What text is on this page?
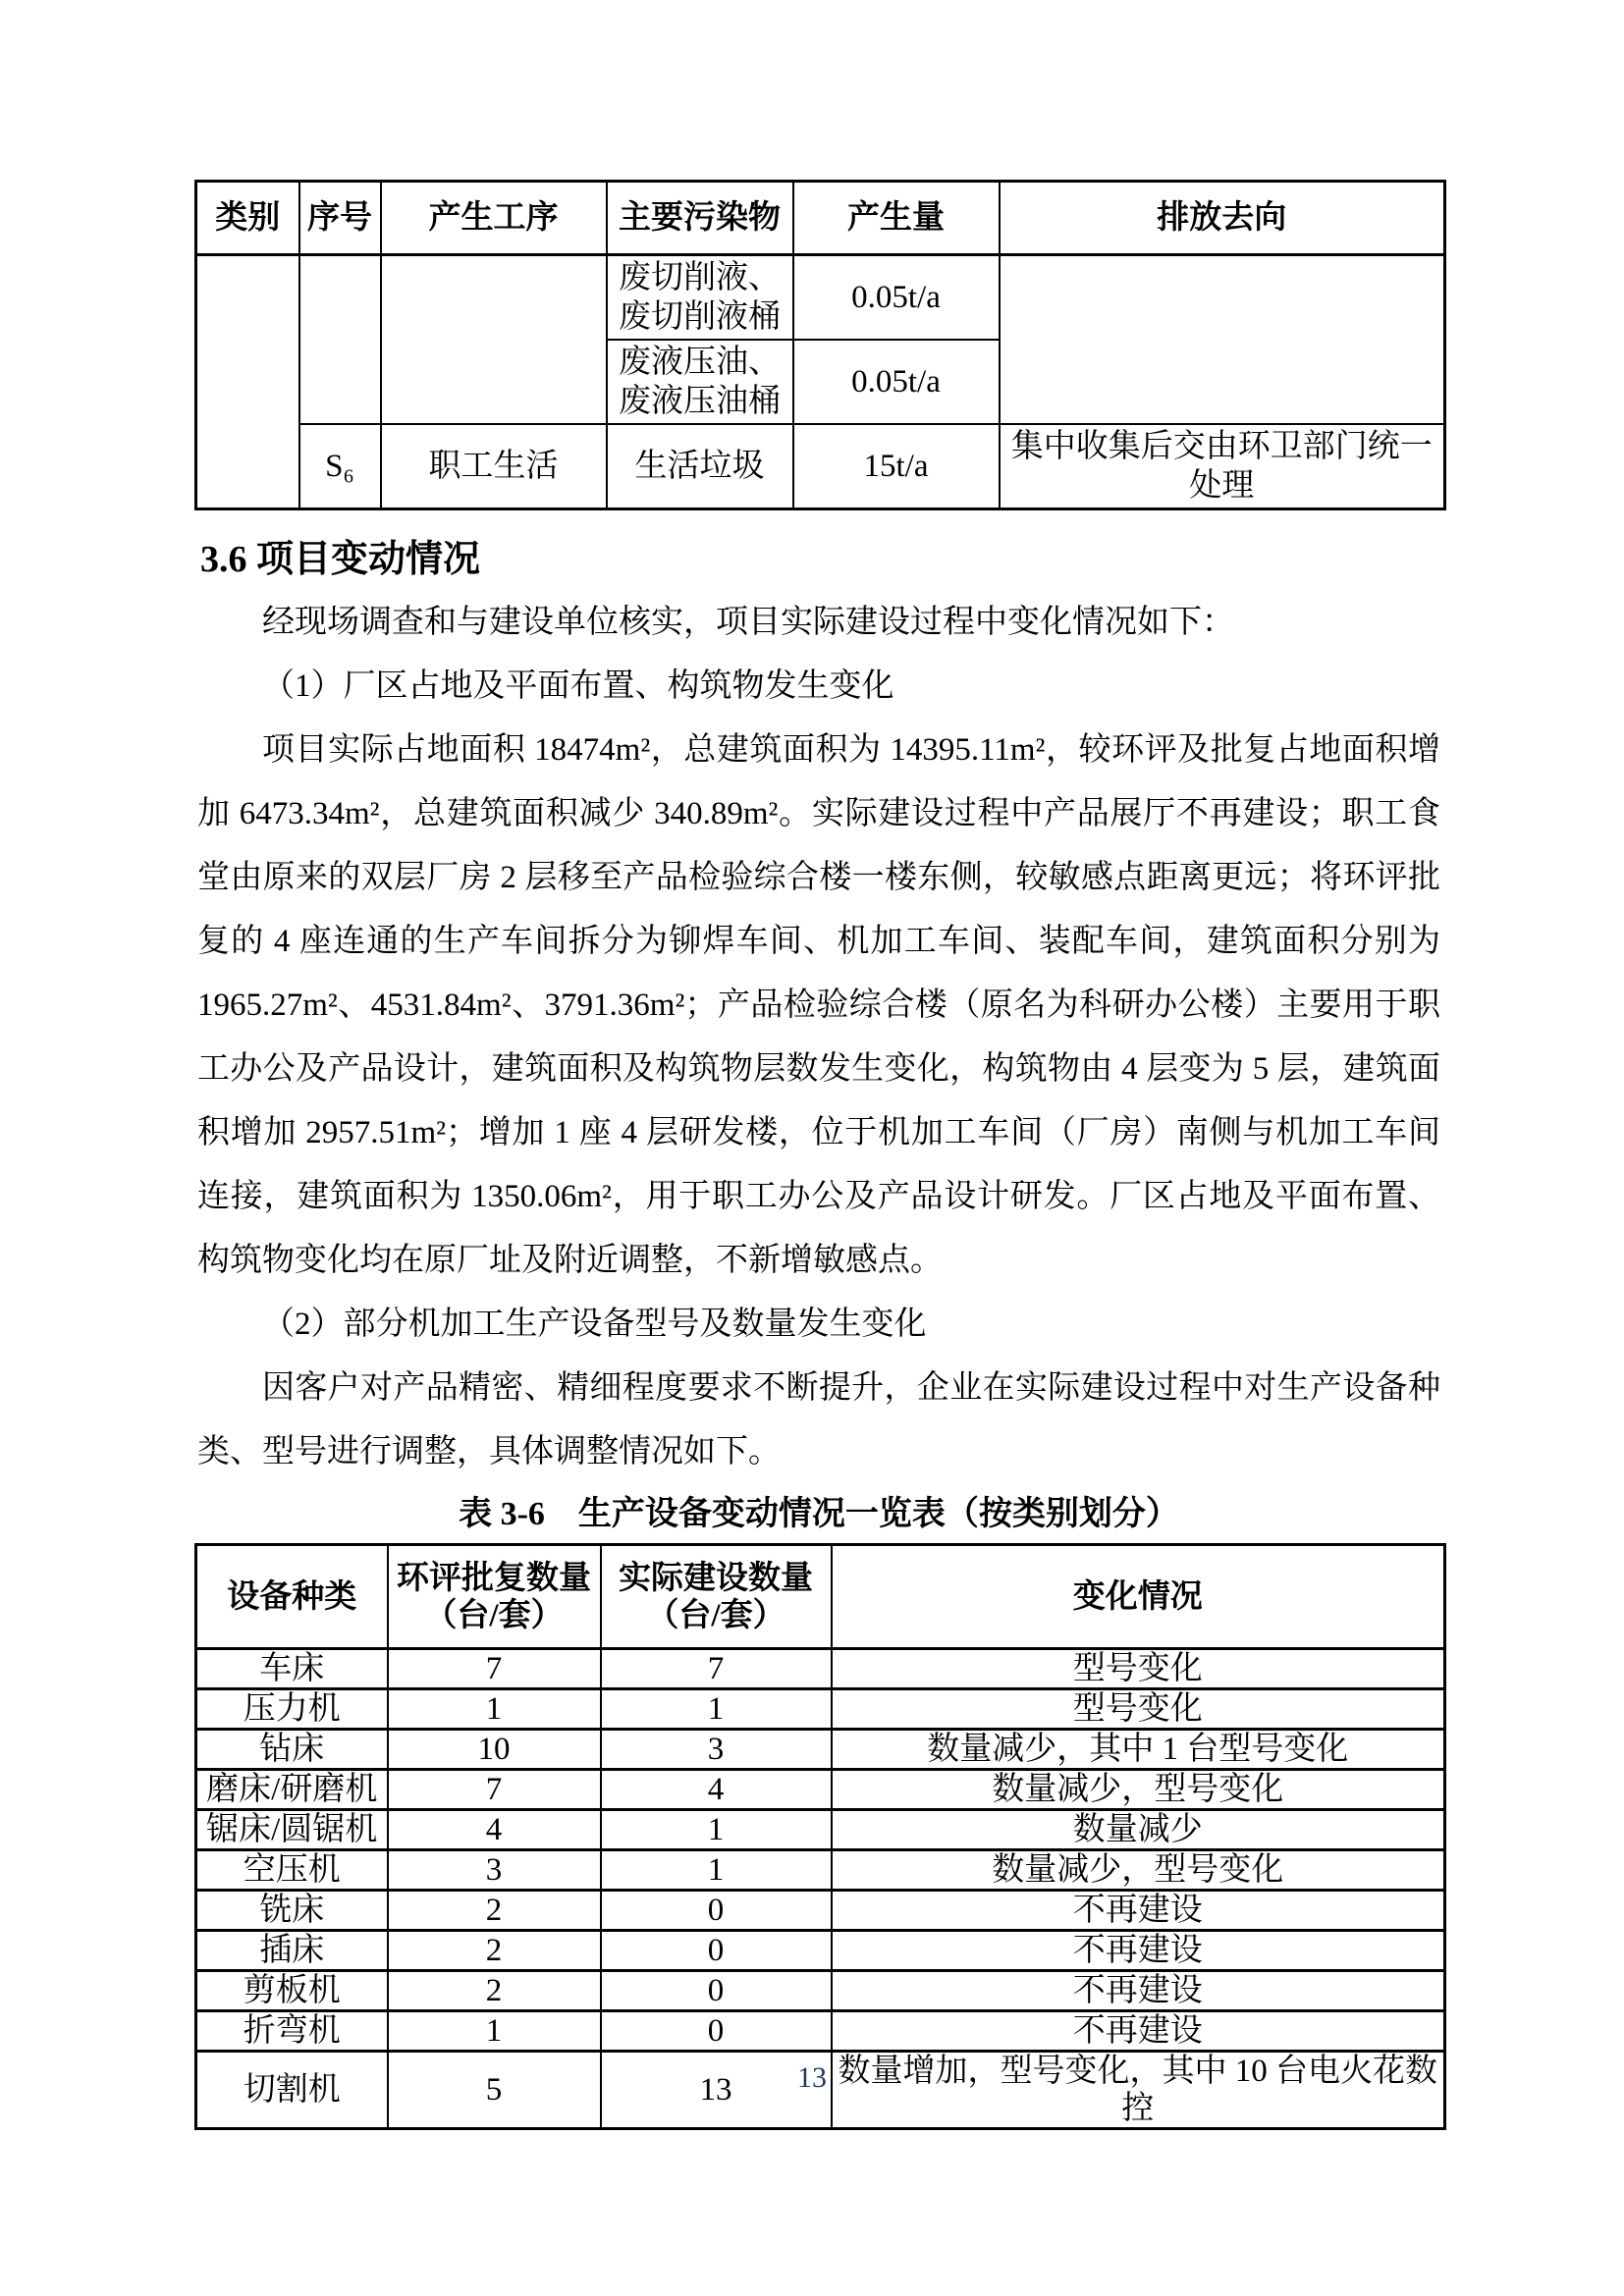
类别	序号	产生工序	主要污染物	产生量	排放去向
			废切削液、废切削液桶	0.05t/a	
			废液压油、废液压油桶	0.05t/a	
	S₆	职工生活	生活垃圾	15t/a	集中收集后交由环卫部门统一处理
3.6 项目变动情况

经现场调查和与建设单位核实，项目实际建设过程中变化情况如下：

（1）厂区占地及平面布置、构筑物发生变化

项目实际占地面积 18474m²，总建筑面积为 14395.11m²，较环评及批复占地面积增加 6473.34m²，总建筑面积减少 340.89m²。实际建设过程中产品展厅不再建设；职工食堂由原来的双层厂房 2 层移至产品检验综合楼一楼东侧，较敏感点距离更远；将环评批复的 4 座连通的生产车间拆分为铆焊车间、机加工车间、装配车间，建筑面积分别为 1965.27m²、4531.84m²、3791.36m²；产品检验综合楼（原名为科研办公楼）主要用于职工办公及产品设计，建筑面积及构筑物层数发生变化，构筑物由 4 层变为 5 层，建筑面积增加 2957.51m²；增加 1 座 4 层研发楼，位于机加工车间（厂房）南侧与机加工车间连接，建筑面积为 1350.06m²，用于职工办公及产品设计研发。厂区占地及平面布置、构筑物变化均在原厂址及附近调整，不新增敏感点。

（2）部分机加工生产设备型号及数量发生变化

因客户对产品精密、精细程度要求不断提升，企业在实际建设过程中对生产设备种类、型号进行调整，具体调整情况如下。

表 3-6　生产设备变动情况一览表（按类别划分）
设备种类	环评批复数量
（台/套）	实际建设数量
（台/套）	变化情况

车床	7	7	型号变化
压力机	1	1	型号变化
钻床	10	3	数量减少，其中 1 台型号变化
磨床/研磨机	7	4	数量减少，型号变化
锯床/圆锯机	4	1	数量减少
空压机	3	1	数量减少，型号变化
铣床	2	0	不再建设
插床	2	0	不再建设
剪板机	2	0	不再建设
折弯机	1	0	不再建设
切割机	5	13	数量增加，型号变化，其中 10 台电火花数控
13
